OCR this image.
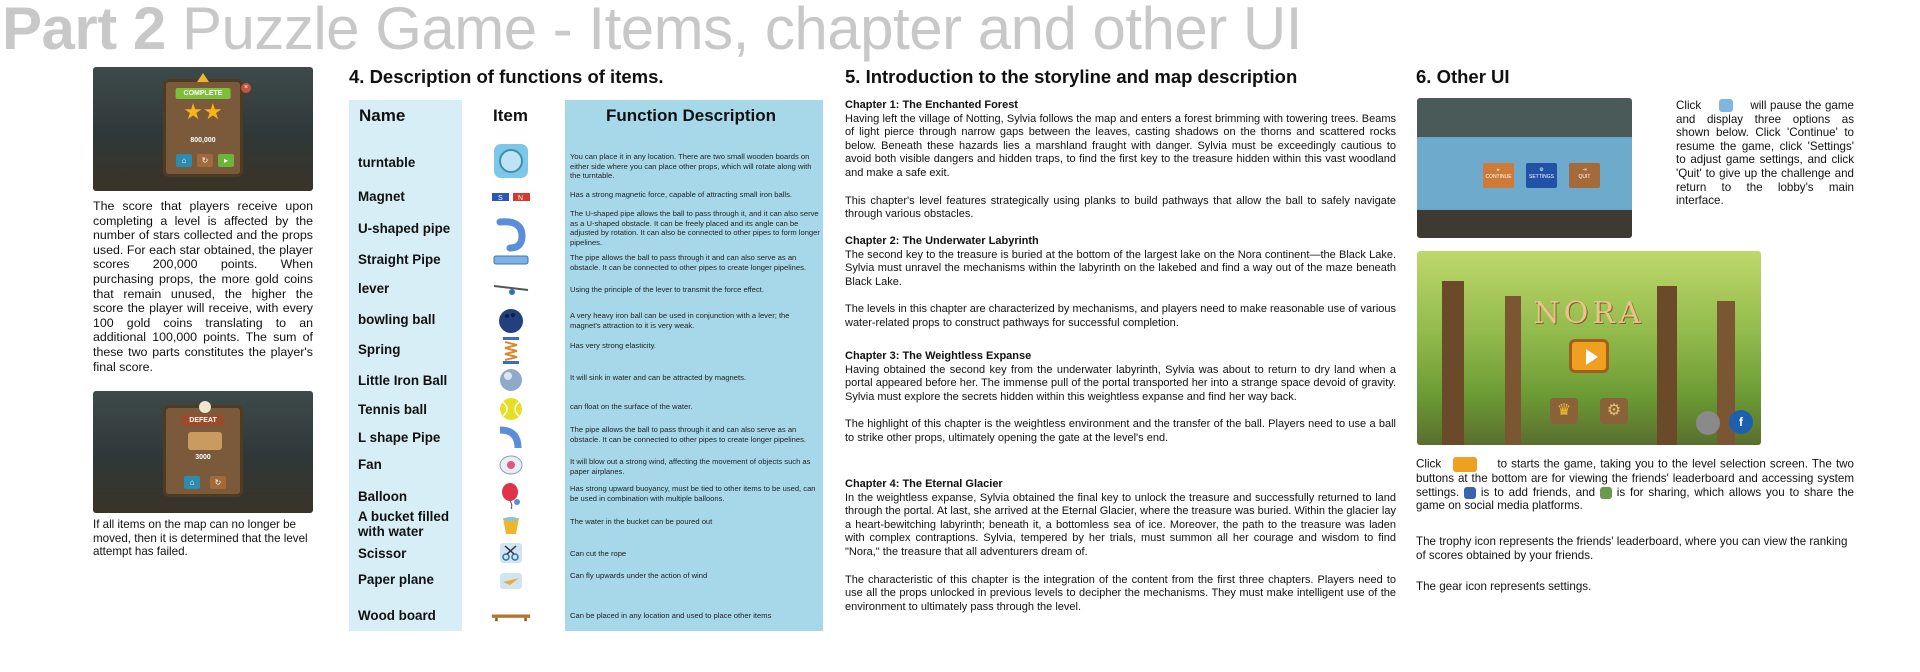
Part 2 Puzzle Game - Items, chapter and other UI
COMPLETE
★★
800,000
⌂	↻	▸
×
The score that players receive upon completing a level is affected by the number of stars collected and the props used. For each star obtained, the player scores 200,000 points. When purchasing props, the more gold coins that remain unused, the higher the score the player will receive, with every 100 gold coins translating to an additional 100,000 points. The sum of these two parts constitutes the player's final score.
DEFEAT
3000
⌂	↻
If all items on the map can no longer be moved, then it is determined that the level attempt has failed.
4. Description of functions of items.
Name	Item	Function Description
turntable	You can place it in any location. There are two small wooden boards on either side where you can place other props, which will rotate along with the turntable.
Magnet	S N	Has a strong magnetic force, capable of attracting small iron balls.
U-shaped pipe
The U-shaped pipe allows the ball to pass through it, and it can also serve as a U-shaped obstacle. It can be freely placed and its angle can be adjusted by rotation. It can also be connected to other pipes to form longer pipelines.
Straight Pipe	The pipe allows the ball to pass through it and can also serve as an obstacle. It can be connected to other pipes to create longer pipelines.
lever	Using the principle of the lever to transmit the force effect.
bowling ball	A very heavy iron ball can be used in conjunction with a lever; the magnet's attraction to it is very weak.
Spring	Has very strong elasticity.
Little Iron Ball	It will sink in water and can be attracted by magnets.
Tennis ball	can float on the surface of the water.
L shape Pipe
The pipe allows the ball to pass through it and can also serve as an obstacle. It can be connected to other pipes to create longer pipelines.
Fan	It will blow out a strong wind, affecting the movement of objects such as paper airplanes.
Balloon
Has strong upward buoyancy, must be tied to other items to be used, can be used in combination with multiple balloons.
A bucket filled with water
The water in the bucket can be poured out
Scissor	Can cut the rope
Paper plane	Can fly upwards under the action of wind
Wood board	Can be placed in any location and used to place other items
5. Introduction to the storyline and map description
Chapter 1: The Enchanted Forest

Having left the village of Notting, Sylvia follows the map and enters a forest brimming with towering trees. Beams of light pierce through narrow gaps between the leaves, casting shadows on the thorns and scattered rocks below. Beneath these hazards lies a marshland fraught with danger. Sylvia must be exceedingly cautious to avoid both visible dangers and hidden traps, to find the first key to the treasure hidden within this vast woodland and make a safe exit.

This chapter's level features strategically using planks to build pathways that allow the ball to safely navigate through various obstacles.

Chapter 2: The Underwater Labyrinth

The second key to the treasure is buried at the bottom of the largest lake on the Nora continent—the Black Lake. Sylvia must unravel the mechanisms within the labyrinth on the lakebed and find a way out of the maze beneath Black Lake.

The levels in this chapter are characterized by mechanisms, and players need to make reasonable use of various water-related props to construct pathways for successful completion.

Chapter 3: The Weightless Expanse

Having obtained the second key from the underwater labyrinth, Sylvia was about to return to dry land when a portal appeared before her. The immense pull of the portal transported her into a strange space devoid of gravity. Sylvia must explore the secrets hidden within this weightless expanse and find her way back.

The highlight of this chapter is the weightless environment and the transfer of the ball. Players need to use a ball to strike other props, ultimately opening the gate at the level's end.

Chapter 4: The Eternal Glacier

In the weightless expanse, Sylvia obtained the final key to unlock the treasure and successfully returned to land through the portal. At last, she arrived at the Eternal Glacier, where the treasure was buried. Within the glacier lay a heart-bewitching labyrinth; beneath it, a bottomless sea of ice. Moreover, the path to the treasure was laden with complex contraptions. Sylvia, tempered by her trials, must summon all her courage and wisdom to find "Nora," the treasure that all adventurers dream of.

The characteristic of this chapter is the integration of the content from the first three chapters. Players need to use all the props unlocked in previous levels to decipher the mechanisms. They must make intelligent use of the environment to ultimately pass through the level.

6. Other UI
▸
CONTINUE
⚙
SETTINGS
⇥
QUIT
Click	will pause the game and display three options as shown below. Click 'Continue' to resume the game, click 'Settings' to adjust game settings, and click 'Quit' to give up the challenge and return to the lobby's main interface.
NORA
♛	⚙
f
Click	to starts the game, taking you to the level selection screen. The two buttons at the bottom are for viewing the friends' leaderboard and accessing system settings. is to add friends, and is for sharing, which allows you to share the game on social media platforms.
The trophy icon represents the friends' leaderboard, where you can view the ranking of scores obtained by your friends.
The gear icon represents settings.
